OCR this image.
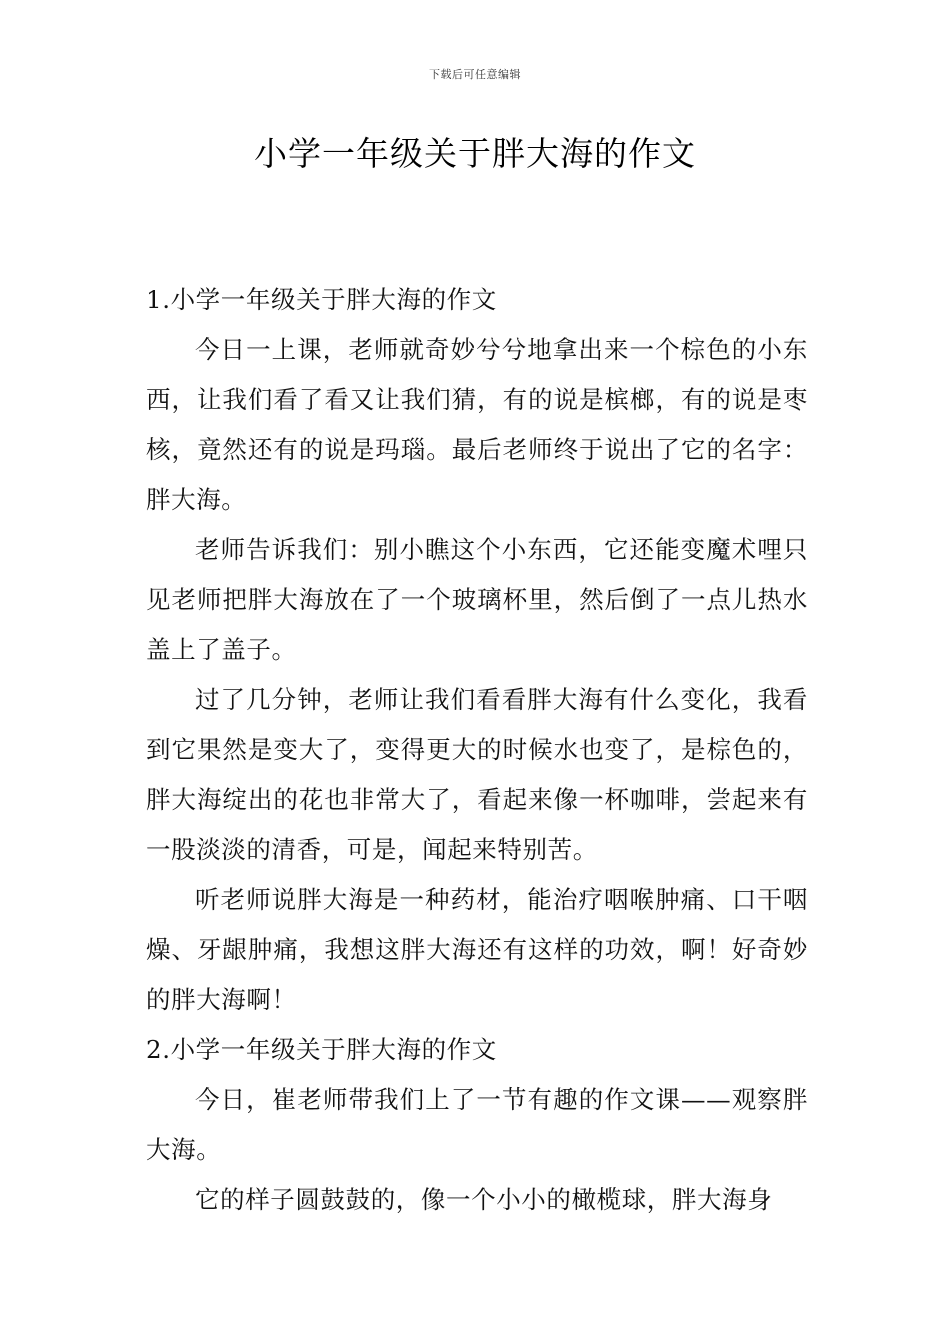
下载后可任意编辑
小学一年级关于胖大海的作文

1.小学一年级关于胖大海的作文

今日一上课，老师就奇妙兮兮地拿出来一个棕色的小东西，让我们看了看又让我们猜，有的说是槟榔，有的说是枣核，竟然还有的说是玛瑙。最后老师终于说出了它的名字：胖大海。

老师告诉我们：别小瞧这个小东西，它还能变魔术哩只见老师把胖大海放在了一个玻璃杯里，然后倒了一点儿热水盖上了盖子。

过了几分钟，老师让我们看看胖大海有什么变化，我看到它果然是变大了，变得更大的时候水也变了，是棕色的，胖大海绽出的花也非常大了，看起来像一杯咖啡，尝起来有一股淡淡的清香，可是，闻起来特别苦。

听老师说胖大海是一种药材，能治疗咽喉肿痛、口干咽燥、牙龈肿痛，我想这胖大海还有这样的功效，啊！好奇妙的胖大海啊！

2.小学一年级关于胖大海的作文

今日，崔老师带我们上了一节有趣的作文课——观察胖大海。

它的样子圆鼓鼓的，像一个小小的橄榄球，胖大海身
